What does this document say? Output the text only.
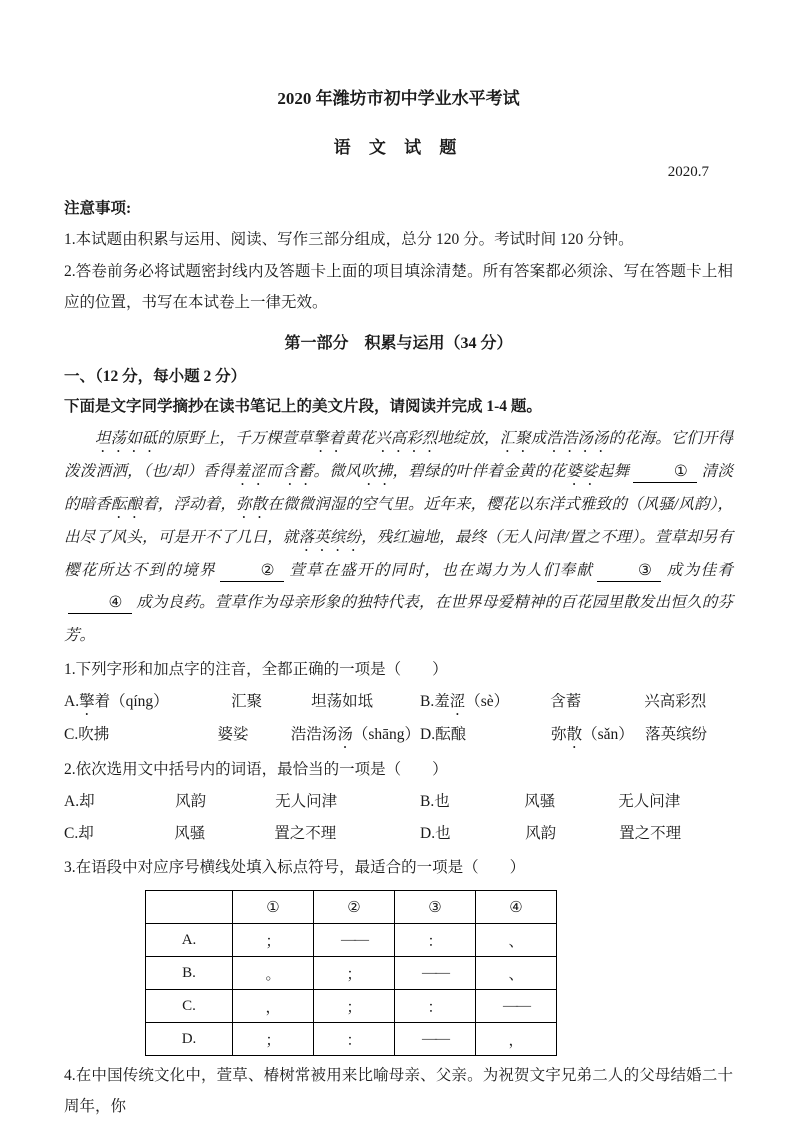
2020 年潍坊市初中学业水平考试
语 文 试 题
2020.7
注意事项:
1.本试题由积累与运用、阅读、写作三部分组成，总分 120 分。考试时间 120 分钟。
2.答卷前务必将试题密封线内及答题卡上面的项目填涂清楚。所有答案都必须涂、写在答题卡上相应的位置，书写在本试卷上一律无效。
第一部分　积累与运用（34 分）
一、（12 分，每小题 2 分）
下面是文字同学摘抄在读书笔记上的美文片段，请阅读并完成 1-4 题。
坦荡如砥的原野上，千万棵萱草擎着黄花兴高彩烈地绽放，汇聚成浩浩汤汤的花海。它们开得泼泼洒洒，（也/却）香得羞涩而含蓄。微风吹拂，碧绿的叶伴着金黄的花婆娑起舞	① 清淡的暗香酝酿着，浮动着，弥散在微微润湿的空气里。近年来，樱花以东洋式雅致的（风骚/风韵），出尽了风头，可是开不了几日，就落英缤纷，残红遍地，最终（无人问津/置之不理）。萱草却另有樱花所达不到的境界	② 萱草在盛开的同时，也在竭力为人们奉献	③ 成为佳肴④ 成为良药。萱草作为母亲形象的独特代表，在世界母爱精神的百花园里散发出恒久的芬芳。
1.下列字形和加点字的注音，全都正确的一项是（　　）
A. 擎着（qíng）	汇聚	坦荡如坻	B. 羞涩（sè）	含蓄	兴高彩烈
C. 吹拂	婆娑	浩浩汤汤（shāng） D. 酝酿	弥散（sǎn） 落英缤纷
2.依次选用文中括号内的词语，最恰当的一项是（　　）
A. 却	风韵	无人问津	B. 也	风骚	无人问津
C. 却	风骚	置之不理	D. 也	风韵	置之不理
3.在语段中对应序号横线处填入标点符号，最适合的一项是（　　）
	①	②	③	④
A.	；	——	：	、
B.	。	；	——	、
C.	，	；	：	——
D.	；	：	——	，
4.在中国传统文化中，萱草、椿树常被用来比喻母亲、父亲。为祝贺文宇兄弟二人的父母结婚二十周年，你
